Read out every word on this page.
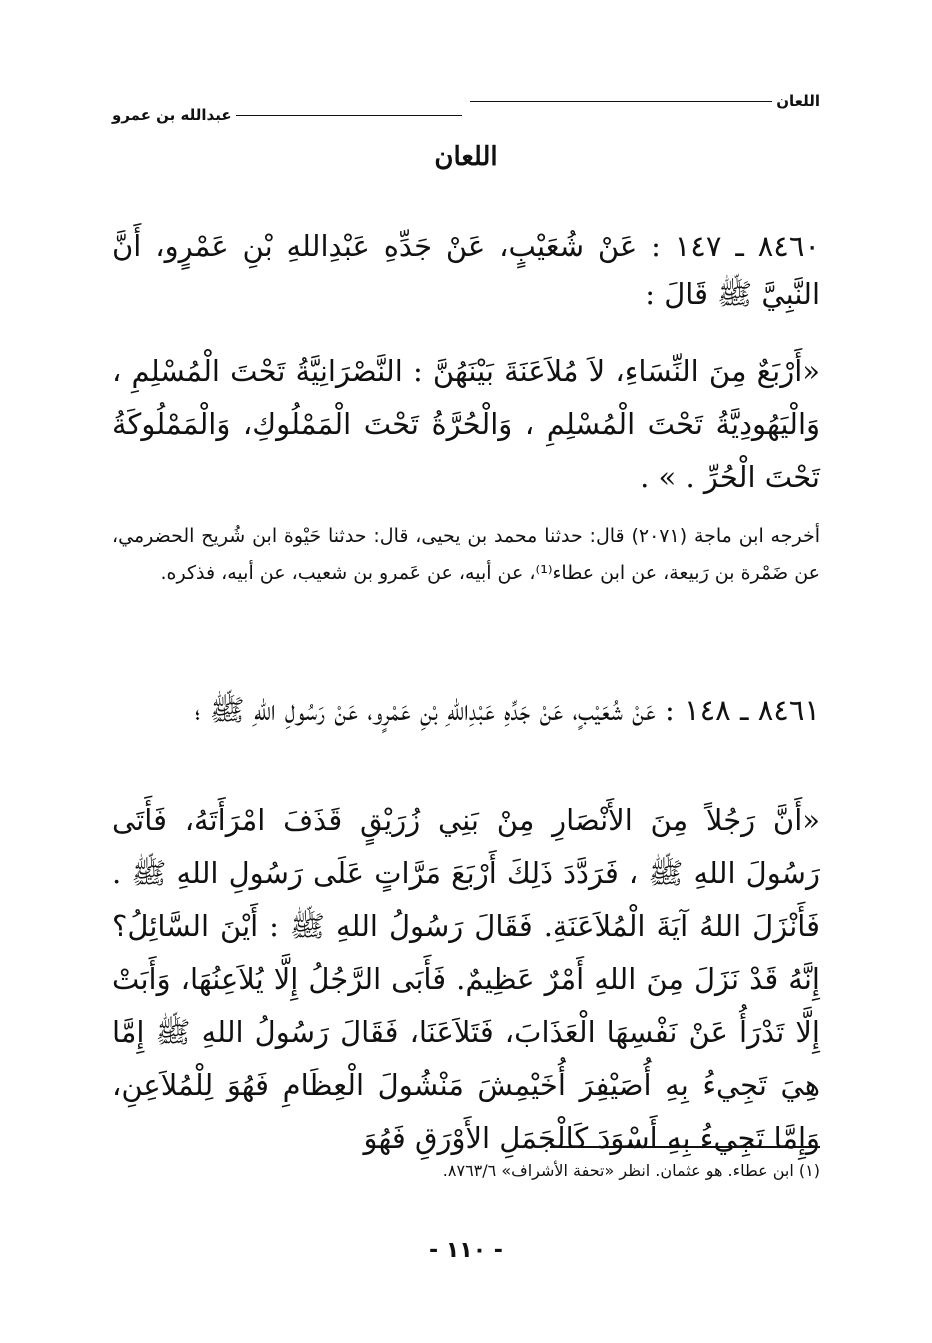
اللعان
عبدالله بن عمرو
اللعان
٨٤٦٠ ـ ١٤٧ : عَنْ شُعَيْبٍ، عَنْ جَدِّهِ عَبْدِاللهِ بْنِ عَمْرٍو، أَنَّ النَّبِيَّ ﷺ قَالَ :
«أَرْبَعٌ مِنَ النِّسَاءِ، لاَ مُلاَعَنَةَ بَيْنَهُنَّ : النَّصْرَانِيَّةُ تَحْتَ الْمُسْلِمِ ، وَالْيَهُودِيَّةُ تَحْتَ الْمُسْلِمِ ، وَالْحُرَّةُ تَحْتَ الْمَمْلُوكِ، وَالْمَمْلُوكَةُ تَحْتَ الْحُرِّ . » .
أخرجه ابن ماجة (٢٠٧١) قال: حدثنا محمد بن يحيى، قال: حدثنا حَيْوة ابن شُريح الحضرمي، عن ضَمْرة بن رَبيعة، عن ابن عطاء⁽¹⁾، عن أبيه، عن عَمرو بن شعيب، عن أبيه، فذكره.
٨٤٦١ ـ ١٤٨ : عَنْ شُعَيْبٍ، عَنْ جَدِّهِ عَبْدِاللهِ بْنِ عَمْرٍو، عَنْ رَسُولِ اللهِ ﷺ ؛
«أَنَّ رَجُلاً مِنَ الأَنْصَارِ مِنْ بَنِي زُرَيْقٍ قَذَفَ امْرَأَتَهُ، فَأَتَى رَسُولَ اللهِ ﷺ ، فَرَدَّدَ ذَلِكَ أَرْبَعَ مَرَّاتٍ عَلَى رَسُولِ اللهِ ﷺ . فَأَنْزَلَ اللهُ آيَةَ الْمُلاَعَنَةِ. فَقَالَ رَسُولُ اللهِ ﷺ : أَيْنَ السَّائِلُ؟ إِنَّهُ قَدْ نَزَلَ مِنَ اللهِ أَمْرٌ عَظِيمٌ. فَأَبَى الرَّجُلُ إِلَّا يُلاَعِنُهَا، وَأَبَتْ إِلَّا تَدْرَأُ عَنْ نَفْسِهَا الْعَذَابَ، فَتَلاَعَنَا، فَقَالَ رَسُولُ اللهِ ﷺ إِمَّا هِيَ تَجِيءُ بِهِ أُصَيْفِرَ أُخَيْمِشَ مَنْشُولَ الْعِظَامِ فَهُوَ لِلْمُلاَعِنِ، وَإِمَّا تَجِيءُ بِهِ أَسْوَدَ كَالْجَمَلِ الأَوْرَقِ فَهُوَ
(١) ابن عطاء. هو عثمان. انظر «تحفة الأشراف» ٨٧٦٣/٦.
- ١١٠ -
